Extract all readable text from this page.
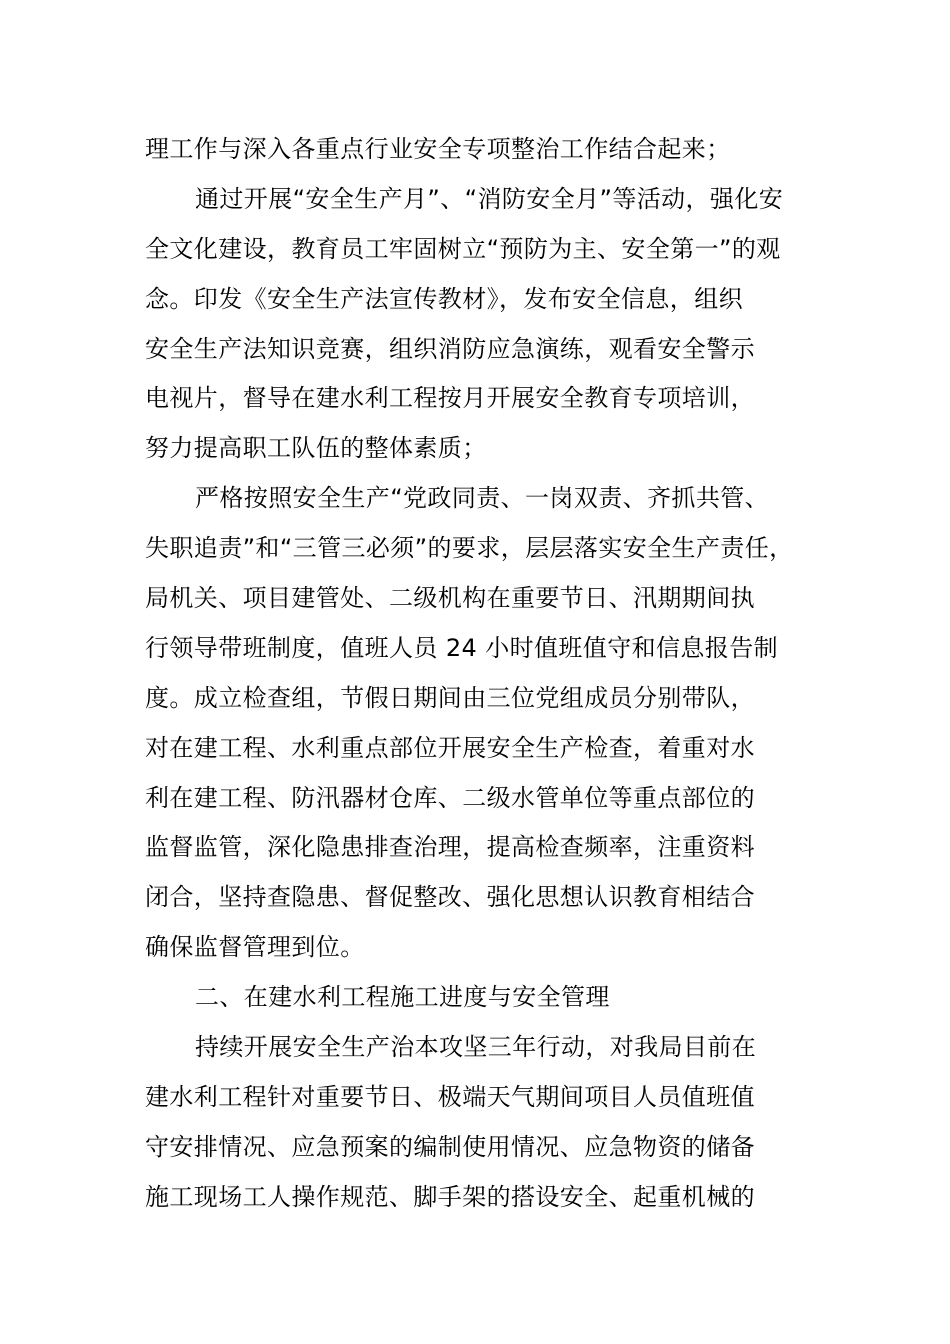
理工作与深入各重点行业安全专项整治工作结合起来；
通过开展“安全生产月”、“消防安全月”等活动，强化安
全文化建设，教育员工牢固树立“预防为主、安全第一”的观
念。印发《安全生产法宣传教材》，发布安全信息，组织
安全生产法知识竞赛，组织消防应急演练，观看安全警示
电视片，督导在建水利工程按月开展安全教育专项培训，
努力提高职工队伍的整体素质；
严格按照安全生产“党政同责、一岗双责、齐抓共管、
失职追责”和“三管三必须”的要求，层层落实安全生产责任，
局机关、项目建管处、二级机构在重要节日、汛期期间执
行领导带班制度，值班人员 24 小时值班值守和信息报告制
度。成立检查组，节假日期间由三位党组成员分别带队，
对在建工程、水利重点部位开展安全生产检查，着重对水
利在建工程、防汛器材仓库、二级水管单位等重点部位的
监督监管，深化隐患排查治理，提高检查频率，注重资料
闭合，坚持查隐患、督促整改、强化思想认识教育相结合
确保监督管理到位。
二、在建水利工程施工进度与安全管理
持续开展安全生产治本攻坚三年行动，对我局目前在
建水利工程针对重要节日、极端天气期间项目人员值班值
守安排情况、应急预案的编制使用情况、应急物资的储备
施工现场工人操作规范、脚手架的搭设安全、起重机械的
